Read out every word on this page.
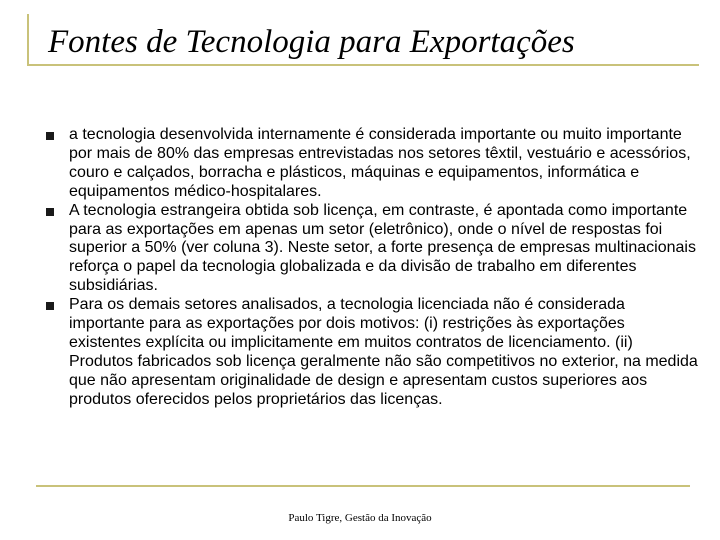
Fontes de Tecnologia para Exportações
a tecnologia desenvolvida internamente é considerada importante ou muito importante por mais de 80% das empresas entrevistadas nos setores têxtil, vestuário e acessórios, couro e calçados, borracha e plásticos, máquinas e equipamentos, informática e equipamentos médico-hospitalares.
A tecnologia estrangeira obtida sob licença, em contraste, é apontada como importante para as exportações em apenas um setor (eletrônico), onde o nível de respostas foi superior a 50% (ver coluna 3). Neste setor, a forte presença de empresas multinacionais reforça o papel da tecnologia globalizada e da divisão de trabalho em diferentes subsidiárias.
Para os demais setores analisados, a tecnologia licenciada não é considerada importante para as exportações por dois motivos: (i) restrições às exportações existentes explícita ou implicitamente em muitos contratos de licenciamento. (ii) Produtos fabricados sob licença geralmente não são competitivos no exterior, na medida que não apresentam originalidade de design e apresentam custos superiores aos produtos oferecidos pelos proprietários das licenças.
Paulo Tigre, Gestão da Inovação
